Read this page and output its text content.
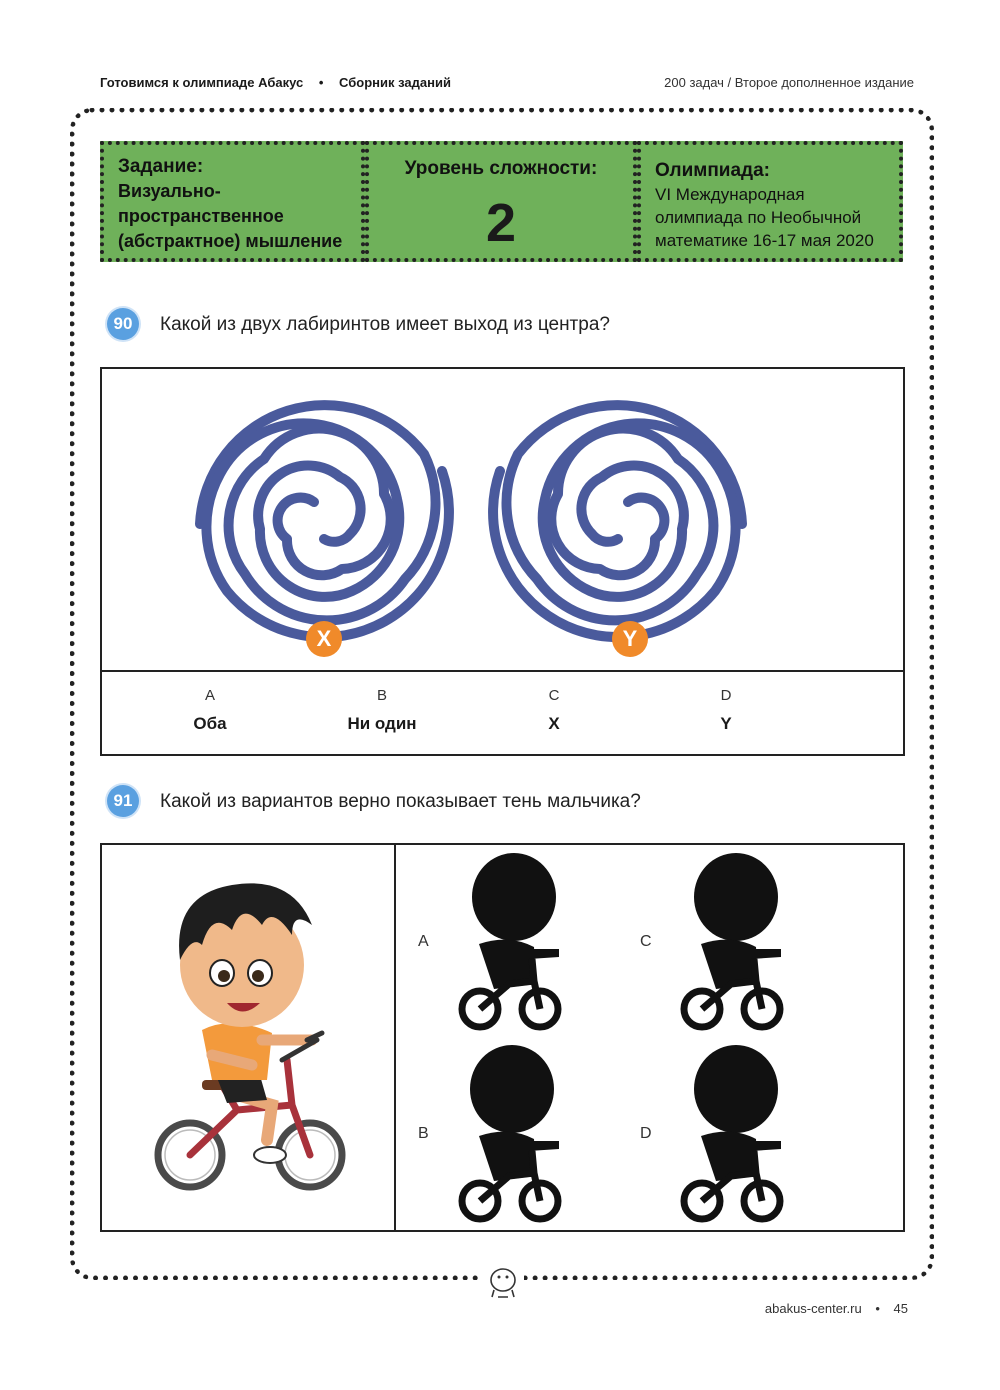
Готовимся к олимпиаде Абакус • Сборник заданий	200 задач / Второе дополненное издание
Задание:
Визуально-пространственное (абстрактное) мышление
Уровень сложности:
2
Олимпиада:
VI Международная олимпиада по Необычной математике 16-17 мая 2020
90	Какой из двух лабиринтов имеет выход из центра?
X	Y
A
Оба
B
Ни один
C
X
D
Y
91	Какой из вариантов верно показывает тень мальчика?
A	C
B	D
abakus-center.ru • 45
